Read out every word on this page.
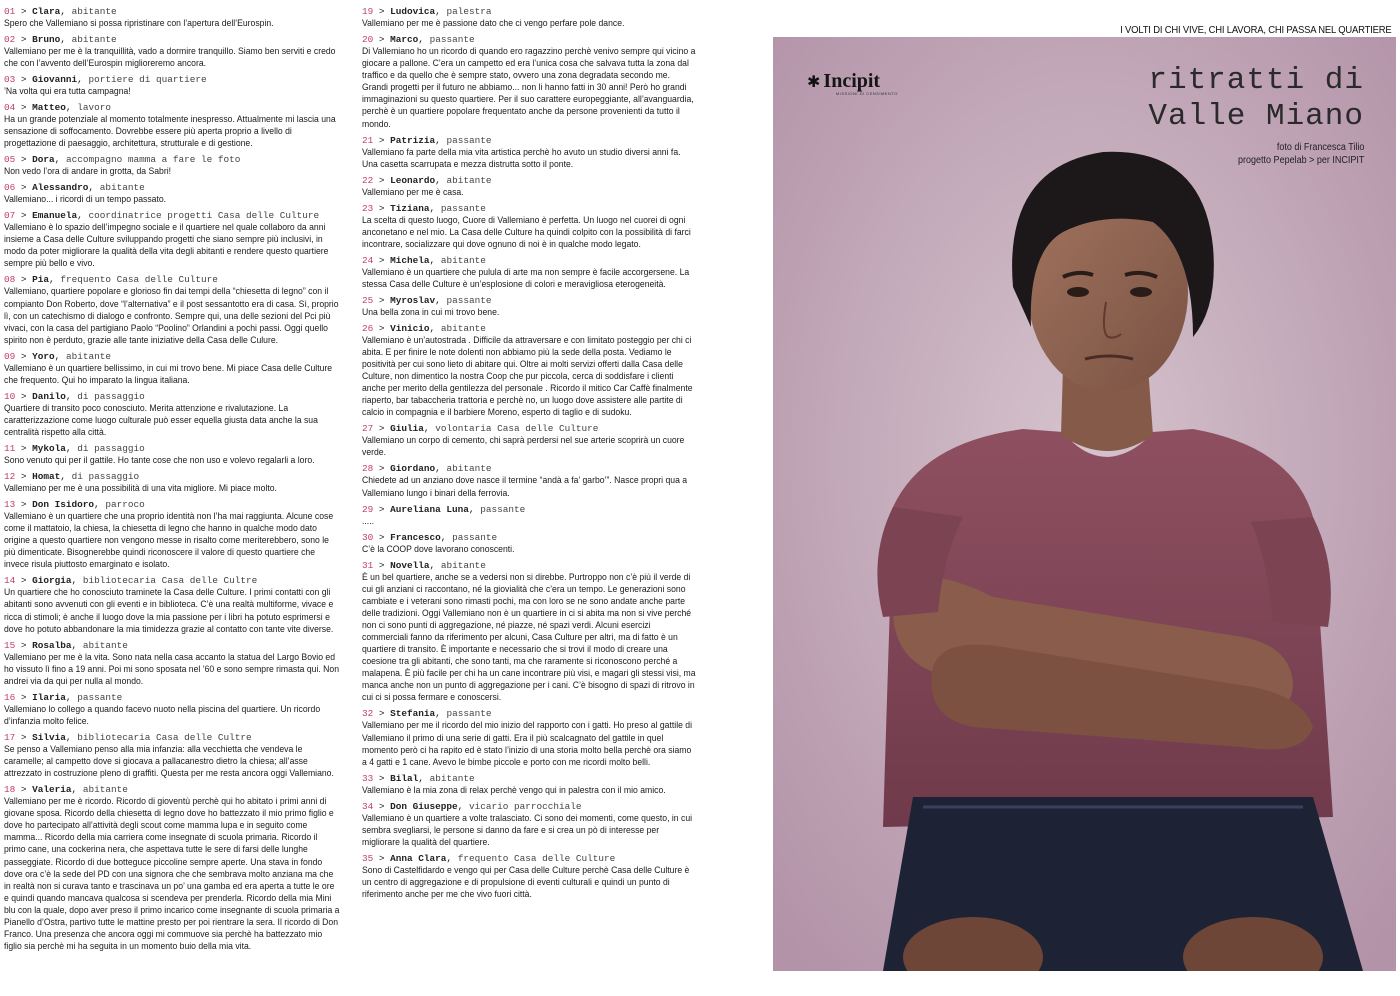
01 > Clara, abitante
Spero che Vallemiano si possa ripristinare con l’apertura dell’Eurospin.
02 > Bruno, abitante
Vallemiano per me è la tranquillità, vado a dormire tranquillo. Siamo ben serviti e credo che con l’avvento dell’Eurospin miglioreremo ancora.
03 > Giovanni, portiere di quartiere
’Na volta qui era tutta campagna!
04 > Matteo, lavoro
Ha un grande potenziale al momento totalmente inespresso. Attualmente mi lascia una sensazione di soffocamento. Dovrebbe essere più aperta proprio a livello di progettazione di paesaggio, architettura, strutturale e di gestione.
05 > Dora, accompagno mamma a fare le foto
Non vedo l’ora di andare in grotta, da Sabri!
06 > Alessandro, abitante
Vallemiano... i ricordi di un tempo passato.
07 > Emanuela, coordinatrice progetti Casa delle Culture
Vallemiano è lo spazio dell’impegno sociale e il quartiere nel quale collaboro da anni insieme a Casa delle Culture sviluppando progetti che siano sempre più inclusivi, in modo da poter migliorare la qualità della vita degli abitanti e rendere questo quartiere sempre più bello e vivo.
08 > Pia, frequento Casa delle Culture
Vallemiano, quartiere popolare e glorioso fin dai tempi della “chiesetta di legno” con il compianto Don Roberto, dove “l’alternativa” e il post sessantotto era di casa. Sì, proprio lì, con un catechismo di dialogo e confronto. Sempre qui, una delle sezioni del Pci più vivaci, con la casa del partigiano Paolo “Poolino” Orlandini a pochi passi. Oggi quello spirito non è perduto, grazie alle tante iniziative della Casa delle Culure.
09 > Yoro, abitante
Vallemiano è un quartiere bellissimo, in cui mi trovo bene. Mi piace Casa delle Culture che frequento. Qui ho imparato la lingua italiana.
10 > Danilo, di passaggio
Quartiere di transito poco conosciuto. Merita attenzione e rivalutazione. La caratterizzazione come luogo culturale può esser equella giusta data anche la sua centralità rispetto alla città.
11 > Mykola, di passaggio
Sono venuto qui per il gattile. Ho tante cose che non uso e volevo regalarli a loro.
12 > Homat, di passaggio
Vallemiano per me è una possibilità di una vita migliore. Mi piace molto.
13 > Don Isidoro, parroco
Vallemiano è un quartiere che una proprio identità non l’ha mai raggiunta. Alcune cose come il mattatoio, la chiesa, la chiesetta di legno che hanno in qualche modo dato origine a questo quartiere non vengono messe in risalto come meriterebbero, sono le più dimenticate. Bisognerebbe quindi riconoscere il valore di questo quartiere che invece risula piuttosto emarginato e isolato.
14 > Giorgia, bibliotecaria Casa delle Cultre
Un quartiere che ho conosciuto traminete la Casa delle Culture. I primi contatti con gli abitanti sono avvenuti con gli eventi e in biblioteca. C’è una realtà multiforme, vivace e ricca di stimoli; è anche il luogo dove la mia passione per i libri ha potuto esprimersi e dove ho potuto abbandonare la mia timidezza grazie al contatto con tante vite diverse.
15 > Rosalba, abitante
Vallemiano per me è la vita. Sono nata nella casa accanto la statua del Largo Bovio ed ho vissuto lì fino a 19 anni. Poi mi sono sposata nel ’60 e sono sempre rimasta qui. Non andrei via da qui per nulla al mondo.
16 > Ilaria, passante
Vallemiano lo collego a quando facevo nuoto nella piscina del quartiere. Un ricordo d’infanzia molto felice.
17 > Silvia, bibliotecaria Casa delle Cultre
Se penso a Vallemiano penso alla mia infanzia: alla vecchietta che vendeva le caramelle; al campetto dove si giocava a pallacanestro dietro la chiesa; all’asse attrezzato in costruzione pleno di graffiti. Questa per me resta ancora oggi Vallemiano.
18 > Valeria, abitante
Vallemiano per me è ricordo. Ricordo di gioventù perchè qui ho abitato i primi anni di giovane sposa. Ricordo della chiesetta di legno dove ho battezzato il mio primo figlio e dove ho partecipato all’attività degli scout come mamma lupa e in seguito come mamma... Ricordo della mia carriera come insegnate di scuola primaria. Ricordo il primo cane, una cockerina nera, che aspettava tutte le sere di farsi delle lunghe passeggiate. Ricordo di due botteguce piccoline sempre aperte. Una stava in fondo dove ora c’è la sede del PD con una signora che che sembrava molto anziana ma che in realtà non si curava tanto e trascinava un po’ una gamba ed era aperta a tutte le ore e quindi quando mancava qualcosa si scendeva per prenderla. Ricordo della mia Mini blu con la quale, dopo aver preso il primo incarico come insegnante di scuola primaria a Pianello d’Ostra, partivo tutte le mattine presto per poi rientrare la sera. Il ricordo di Don Franco. Una presenza che ancora oggi mi commuove sia perchè ha battezzato mio figlio sia perchè mi ha seguita in un momento buio della mia vita.
19 > Ludovica, palestra
Vallemiano per me è passione dato che ci vengo perfare pole dance.
20 > Marco, passante
Di Vallemiano ho un ricordo di quando ero ragazzino perchè venivo sempre qui vicino a giocare a pallone. C’era un campetto ed era l’unica cosa che salvava tutta la zona dal traffico e da quello che è sempre stato, ovvero una zona degradata secondo me. Grandi progetti per il futuro ne abbiamo... non li hanno fatti in 30 anni! Però ho grandi immaginazioni su questo quartiere. Per il suo carattere europeggiante, all’avanguardia, perchè è un quartiere popolare frequentato anche da persone provenienti da tutto il mondo.
21 > Patrizia, passante
Vallemiano fa parte della mia vita artistica perchè ho avuto un studio diversi anni fa. Una casetta scarrupata e mezza distrutta sotto il ponte.
22 > Leonardo, abitante
Vallemiano per me è casa.
23 > Tiziana, passante
La scelta di questo luogo, Cuore di Vallemiano è perfetta. Un luogo nel cuorei di ogni anconetano e nel mio. La Casa delle Culture ha quindi colpito con la possibilità di farci incontrare, socializzare qui dove ognuno di noi è in qualche modo legato.
24 > Michela, abitante
Vallemiano è un quartiere che pulula di arte ma non sempre è facile accorgersene. La stessa Casa delle Culture è un’esplosione di colori e meravigliosa eterogeneità.
25 > Myroslav, passante
Una bella zona in cui mi trovo bene.
26 > Vinicio, abitante
Vallemiano è un’autostrada . Difficile da attraversare e con limitato posteggio per chi ci abita. E per finire le note dolenti non abbiamo più la sede della posta. Vediamo le positività per cui sono lieto di abitare qui. Oltre ai molti servizi offerti dalla Casa delle Culture, non dimentico la nostra Coop che pur piccola, cerca di soddisfare i clienti anche per merito della gentilezza del personale . Ricordo il mitico Car Caffè finalmente riaperto, bar tabaccheria trattoria e perchè no, un luogo dove assistere alle partite di calcio in compagnia e il barbiere Moreno, esperto di taglio e di sudoku.
27 > Giulia, volontaria Casa delle Culture
Vallemiano un corpo di cemento, chi saprà perdersi nel sue arterie scoprirà un cuore verde.
28 > Giordano, abitante
Chiedete ad un anziano dove nasce il termine “andà a fa’ garbo’”. Nasce propri qua a Vallemiano lungo i binari della ferrovia.
29 > Aureliana Luna, passante
.....
30 > Francesco, passante
C’è la COOP dove lavorano conoscenti.
31 > Novella, abitante
È un bel quartiere, anche se a vedersi non si direbbe. Purtroppo non c’è più il verde di cui gli anziani ci raccontano, né la giovialità che c’era un tempo. Le generazioni sono cambiate e i veterani sono rimasti pochi, ma con loro se ne sono andate anche parte delle tradizioni. Oggi Vallemiano non è un quartiere in ci si abita ma non si vive perché non ci sono punti di aggregazione, né piazze, né spazi verdi. Alcuni esercizi commerciali fanno da riferimento per alcuni, Casa Culture per altri, ma di fatto è un quartiere di transito. È importante e necessario che si trovi il modo di creare una coesione tra gli abitanti, che sono tanti, ma che raramente si riconoscono perché a malapena. È più facile per chi ha un cane incontrare più visi, e magari gli stessi visi, ma manca anche non un punto di aggregazione per i cani. C’è bisogno di spazi di ritrovo in cui ci si possa fermare e conoscersi.
32 > Stefania, passante
Vallemiano per me il ricordo del mio inizio del rapporto con i gatti. Ho preso al gattile di Vallemiano il primo di una serie di gatti. Era il più scalcagnato del gattile in quel momento però ci ha rapito ed è stato l’inizio di una storia molto bella perchè ora siamo a 4 gatti e 1 cane. Avevo le bimbe piccole e porto con me ricordi molto belli.
33 > Bilal, abitante
Vallemiano è la mia zona di relax perchè vengo qui in palestra con il mio amico.
34 > Don Giuseppe, vicario parrocchiale
Vallemiano è un quartiere a volte tralasciato. Ci sono dei momenti, come questo, in cui sembra svegliarsi, le persone si danno da fare e si crea un pò di interesse per migliorare la qualità del quartiere.
35 > Anna Clara, frequento Casa delle Culture
Sono di Castelfidardo e vengo qui per Casa delle Culture perchè Casa delle Culture è un centro di aggregazione e di propulsione di eventi culturali e quindi un punto di riferimento anche per me che vivo fuori città.
I VOLTI DI CHI VIVE, CHI LAVORA, CHI PASSA NEL QUARTIERE
✱ Incipit
MISSIONI DI CENSIMENTO	ritratti di
Valle Miano
foto di Francesca Tilio
progetto Pepelab > per INCIPIT
